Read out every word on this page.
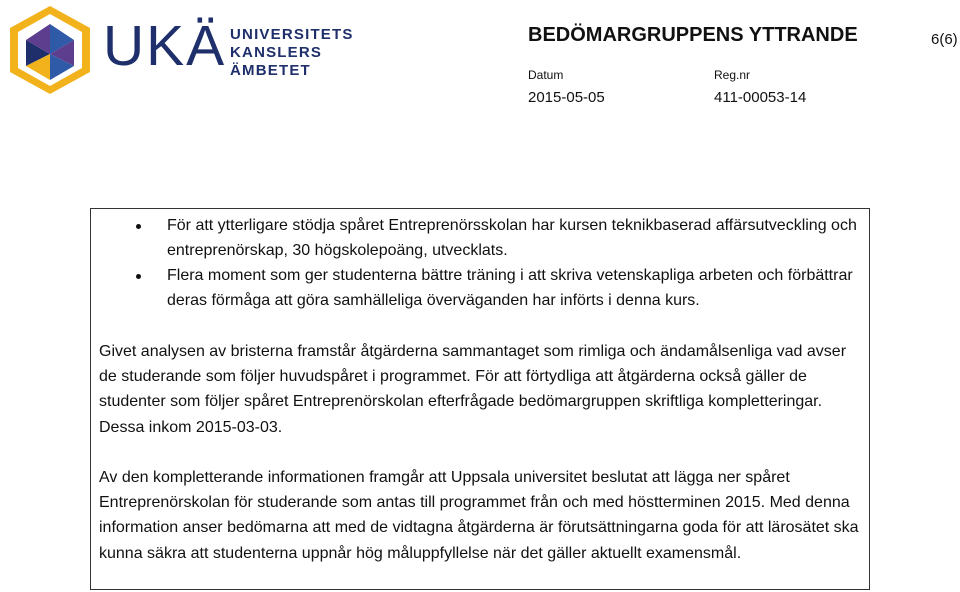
UKÄ UNIVERSITETS
KANSLERS
ÄMBETET
BEDÖMARGRUPPENS YTTRANDE	6(6)
Datum	Reg.nr
2015-05-05	411-00053-14
För att ytterligare stödja spåret Entreprenörsskolan har kursen teknikbaserad affärsutveckling och entreprenörskap, 30 högskolepoäng, utvecklats.
Flera moment som ger studenterna bättre träning i att skriva vetenskapliga arbeten och förbättrar deras förmåga att göra samhälleliga överväganden har införts i denna kurs.

Givet analysen av bristerna framstår åtgärderna sammantaget som rimliga och ändamålsenliga vad avser de studerande som följer huvudspåret i programmet. För att förtydliga att åtgärderna också gäller de studenter som följer spåret Entreprenörskolan efterfrågade bedömargruppen skriftliga kompletteringar. Dessa inkom 2015-03-03.

Av den kompletterande informationen framgår att Uppsala universitet beslutat att lägga ner spåret Entreprenörskolan för studerande som antas till programmet från och med höstterminen 2015. Med denna information anser bedömarna att med de vidtagna åtgärderna är förutsättningarna goda för att lärosätet ska kunna säkra att studenterna uppnår hög måluppfyllelse när det gäller aktuellt examensmål.
